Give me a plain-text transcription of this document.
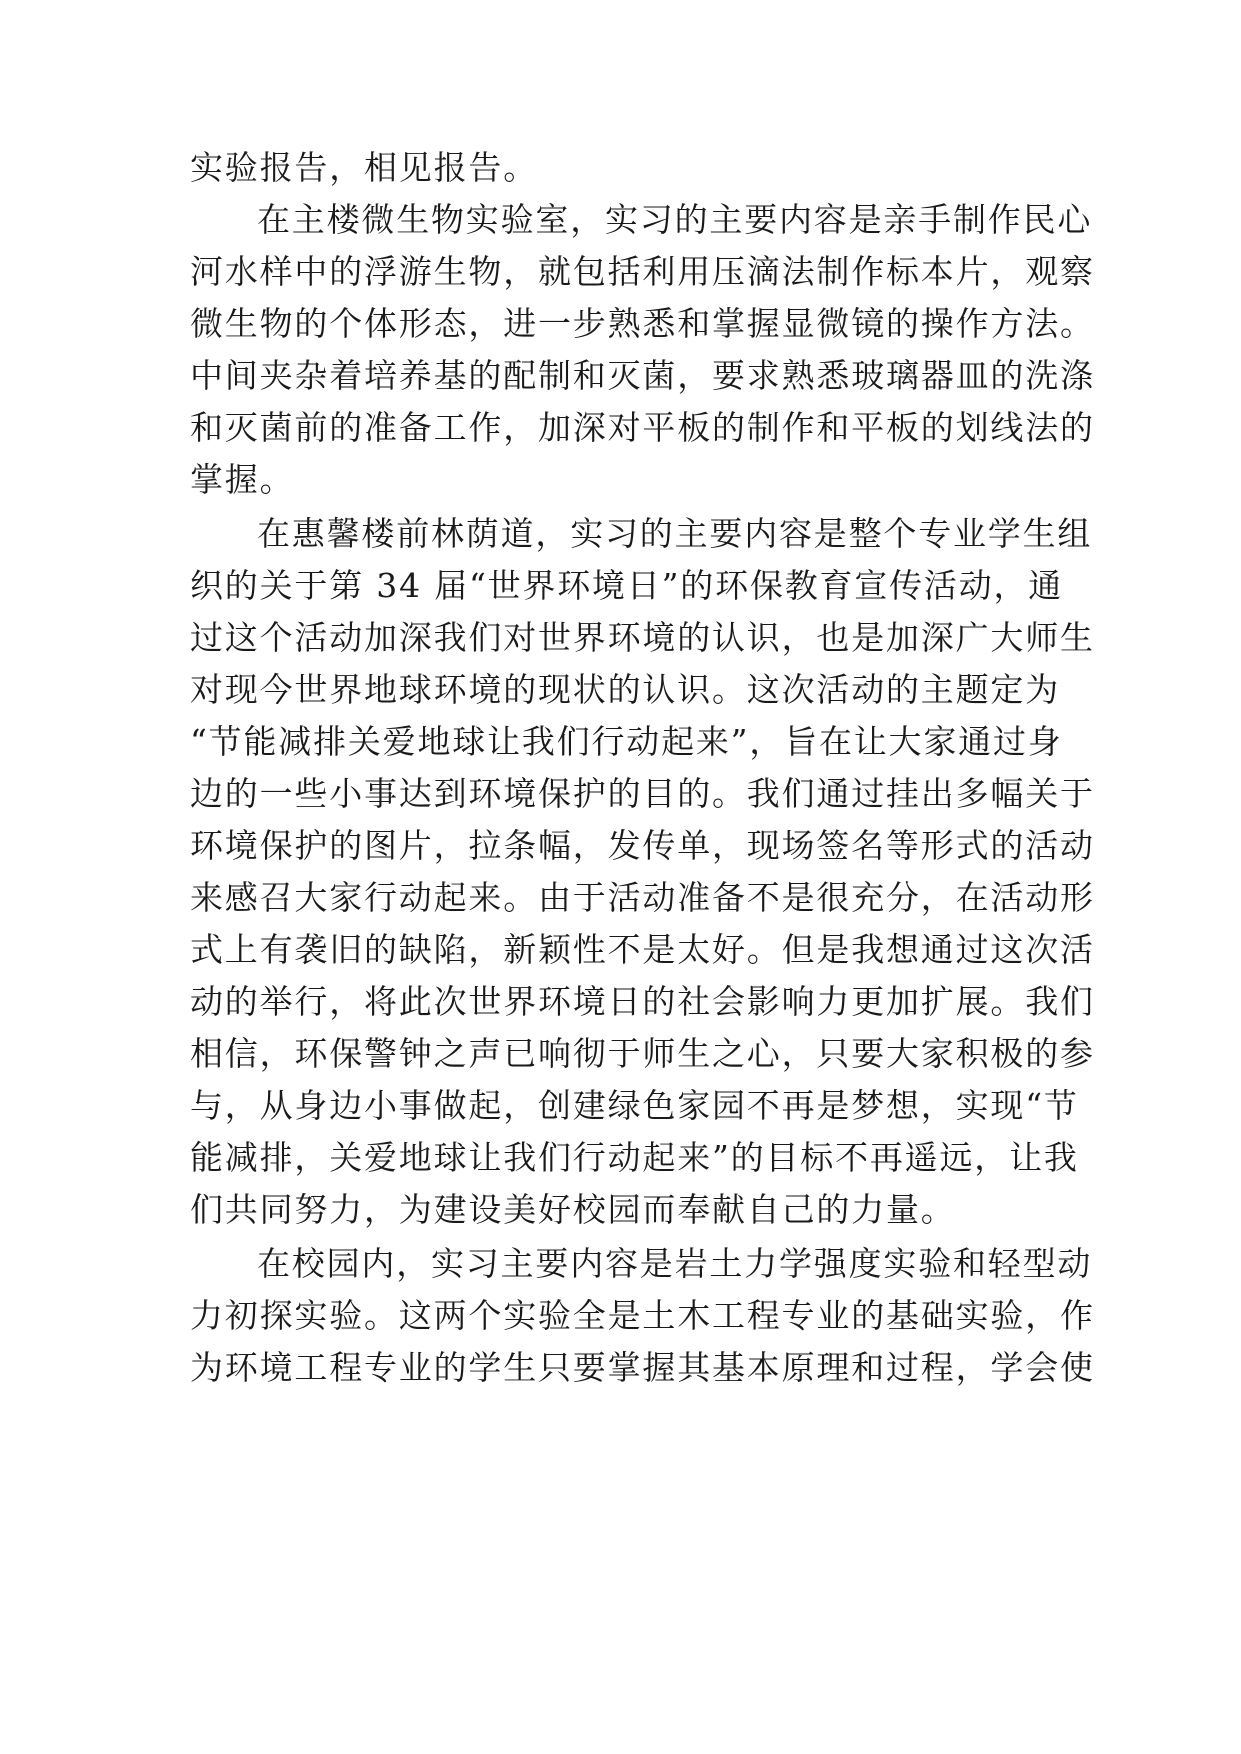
实验报告，相见报告。
在主楼微生物实验室，实习的主要内容是亲手制作民心
河水样中的浮游生物，就包括利用压滴法制作标本片，观察
微生物的个体形态，进一步熟悉和掌握显微镜的操作方法。
中间夹杂着培养基的配制和灭菌，要求熟悉玻璃器皿的洗涤
和灭菌前的准备工作，加深对平板的制作和平板的划线法的
掌握。
在惠馨楼前林荫道，实习的主要内容是整个专业学生组
织的关于第 34 届“世界环境日”的环保教育宣传活动，通
过这个活动加深我们对世界环境的认识，也是加深广大师生
对现今世界地球环境的现状的认识。这次活动的主题定为
“节能减排关爱地球让我们行动起来”，旨在让大家通过身
边的一些小事达到环境保护的目的。我们通过挂出多幅关于
环境保护的图片，拉条幅，发传单，现场签名等形式的活动
来感召大家行动起来。由于活动准备不是很充分，在活动形
式上有袭旧的缺陷，新颖性不是太好。但是我想通过这次活
动的举行，将此次世界环境日的社会影响力更加扩展。我们
相信，环保警钟之声已响彻于师生之心，只要大家积极的参
与，从身边小事做起，创建绿色家园不再是梦想，实现“节
能减排，关爱地球让我们行动起来”的目标不再遥远，让我
们共同努力，为建设美好校园而奉献自己的力量。
在校园内，实习主要内容是岩土力学强度实验和轻型动
力初探实验。这两个实验全是土木工程专业的基础实验，作
为环境工程专业的学生只要掌握其基本原理和过程，学会使
